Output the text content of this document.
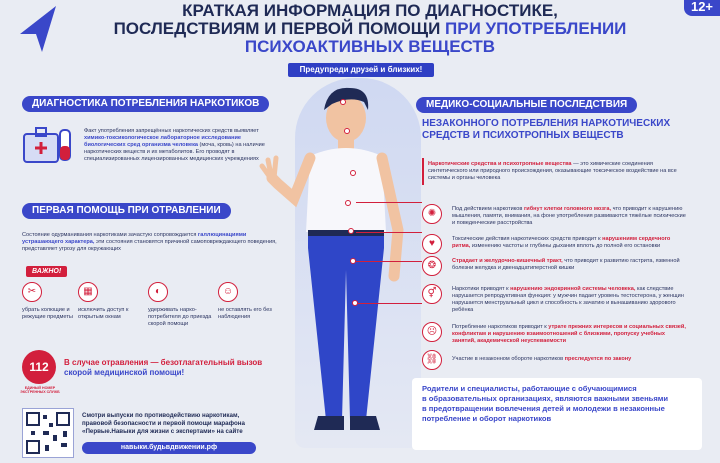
КРАТКАЯ ИНФОРМАЦИЯ ПО ДИАГНОСТИКЕ,
ПОСЛЕДСТВИЯМ И ПЕРВОЙ ПОМОЩИ ПРИ УПОТРЕБЛЕНИИ
ПСИХОАКТИВНЫХ ВЕЩЕСТВ
12+
Предупреди друзей и близких!
ДИАГНОСТИКА ПОТРЕБЛЕНИЯ НАРКОТИКОВ
Факт употребления запрещённых наркотических средств выявляет химико-токсикологическое лабораторное исследование биологических сред организма человека (моча, кровь) на наличие наркотических веществ и их метаболитов. Его проводят в специализированных лицензированных медицинских учреждениях
ПЕРВАЯ ПОМОЩЬ ПРИ ОТРАВЛЕНИИ
Состояние одурманивания наркотиками зачастую сопровождается галлюцинациями устрашающего характера, эти состояния становятся причиной самоповреждающего поведения, представляет угрозу для окружающих
ВАЖНО!
✂
убрать колющие и режущие предметы
▦
исключить доступ к открытым окнам
◐
удерживать нарко-потребителя до приезда скорой помощи
☺
не оставлять его без наблюдения
112
ЕДИНЫЙ НОМЕР ЭКСТРЕННЫХ СЛУЖБ
В случае отравления — безотлагательный вызов скорой медицинской помощи!
Смотри выпуски по противодействию наркотикам,
правовой безопасности и первой помощи марафона
«Первые.Навыки для жизни с экспертами» на сайте
навыки.будьвдвижении.рф
МЕДИКО-СОЦИАЛЬНЫЕ ПОСЛЕДСТВИЯ
НЕЗАКОННОГО ПОТРЕБЛЕНИЯ НАРКОТИЧЕСКИХ
СРЕДСТВ И ПСИХОТРОПНЫХ ВЕЩЕСТВ
Наркотические средства и психотропные вещества — это химические соединения синтетического или природного происхождения, оказывающие токсическое воздействие на все системы и органы человека
✺	Под действием наркотиков гибнут клетки головного мозга, что приводит к нарушению мышления, памяти, внимания, на фоне употребления развиваются тяжёлые психические и поведенческие расстройства
♥	Токсические действия наркотических средств приводит к нарушениям сердечного ритма, изменению частоты и глубины дыхания вплоть до полной его остановки
❂	Страдает и желудочно-кишечный тракт, что приводит к развитию гастрита, язвенной болезни желудка и двенадцатиперстной кишки
⚥	Наркотики приводят к нарушению эндокринной системы человека, как следствие нарушается репродуктивная функция: у мужчин падает уровень тестостерона, у женщин нарушается менструальный цикл и способность к зачатию и вынашиванию здорового ребёнка
☹	Потребление наркотиков приводит к утрате прежних интересов и социальных связей, конфликтам и нарушению взаимоотношений с близкими, пропуску учебных занятий, академической неуспеваемости
⛓	Участие в незаконном обороте наркотиков преследуется по закону
Родители и специалисты, работающие с обучающимися
в образовательных организациях, являются важными звеньями
в предотвращении вовлечения детей и молодежи в незаконные
потребление и оборот наркотиков
